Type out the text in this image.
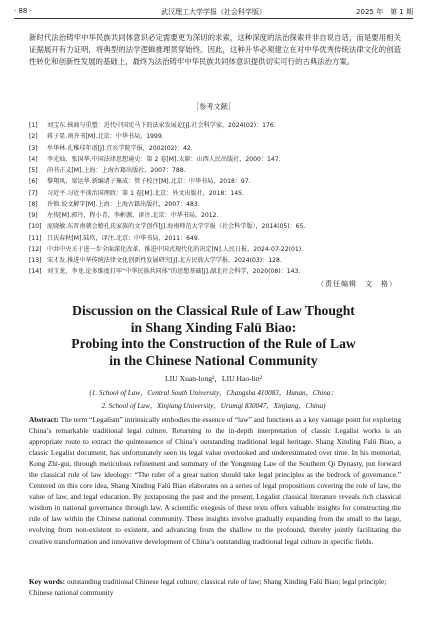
· 88 ·	武汉理工大学学报（社会科学版）	2025 年　第 1 期

新时代法治铸牢中华民族共同体意识必定需要更为深切的求索，这种深度的法治探索并非自说自话，而是要用相关证据展开有力证明，将典型的法学逻辑推理贯穿始终。因此，这种升华必须建立在对中华优秀传统法律文化的创造性转化和创新性发展的基础上，最终为法治铸牢中华民族共同体意识提供切实可行的古典法治方案。

［参考文献］
[1] 刘宝东.核商与重塑：近代中国宪马下的法家发展论[J].社会科学家，2024(02)：176.
[2] 蒋子显.南齐书[M].北京：中华书局，1999.
[3] 牟华林.孔稚珪年谱[J].宜宾学院学报，2002(02)：42.
[4] 李光灿，张国华.中国法律思想通史：第 2 卷[M].太原：山西人民出版社，2000：147.
[5] 尚书正义[M].上海：上海古籍出版社，2007：788.
[6] 黎翔凤，梁运华.新编诸子集成：管子校注[M].北京：中华书局，2018：97.
[7] 习近平.习近平谈治国理政：第 1 卷[M].北京：外文出版社，2018：145.
[8] 许慎.说文解字[M].上海：上海古籍出版社，2007：483.
[9] 左传[M].郭丹，程小青，李彬源，译注.北京：中华书局，2012.
[10] 庞晓敏.东晋南朝会稽孔氏家族的文学创作[J].海南师范大学学报（社会科学版），2014(05)：65.
[11] 吕氏春秋[M].陆玖，译注.北京：中华书局，2011：649.
[12] 中共中央关于进一步全面深化改革，推进中国式现代化的决定[N].人民日报，2024-07-22(01).
[13] 宋才发.推进中华传统法律文化创新性发展研究[J].北方民族大学学报，2024(03)：128.
[14] 刘玉龙，李龙.论多维度打牢“中华民族共同体”的思想基础[J].湖北社会科学，2020(08)：143.
（责任编辑　文　格）
Discussion on the Classical Rule of Law Thought
in Shang Xinding Falü Biao:
Probing into the Construction of the Rule of Law
in the Chinese National Community
LIU Xuan-long¹，LIU Hao-lin²
(1. School of Law，Central South University，Changsha 410083，Hunan，China；
2. School of Law，Xinjiang University，Urumqi 830047，Xinjiang，China)
Abstract: The term “Legalism” intrinsically embodies the essence of “law” and functions as a key vantage point for exploring China’s remarkable traditional legal culture. Returning to the in-depth interpretation of classic Legalist works is an appropriate route to extract the quintessence of China’s outstanding traditional legal heritage. Shang Xinding Falü Biao, a classic Legalist document, has unfortunately seen its legal value overlooked and underestimated over time. In his memorial, Kong Zhi-gui, through meticulous refinement and summary of the Yongming Law of the Southern Qi Dynasty, put forward the classical rule of law ideology: “The ruler of a great nation should take legal principles as the bedrock of governance.” Centered on this core idea, Shang Xinding Falü Biao elaborates on a series of legal propositions covering the role of law, the value of law, and legal education. By juxtaposing the past and the present, Legalist classical literature reveals rich classical wisdom in national governance through law. A scientific exegesis of these texts offers valuable insights for constructing the rule of law within the Chinese national community. These insights involve gradually expanding from the small to the large, evolving from non-existent to existent, and advancing from the shallow to the profound, thereby jointly facilitating the creative transformation and innovative development of China’s outstanding traditional legal culture in specific fields.
Key words: outstanding traditional Chinese legal culture; classical rule of law; Shang Xinding Falü Biao; legal principle; Chinese national community
